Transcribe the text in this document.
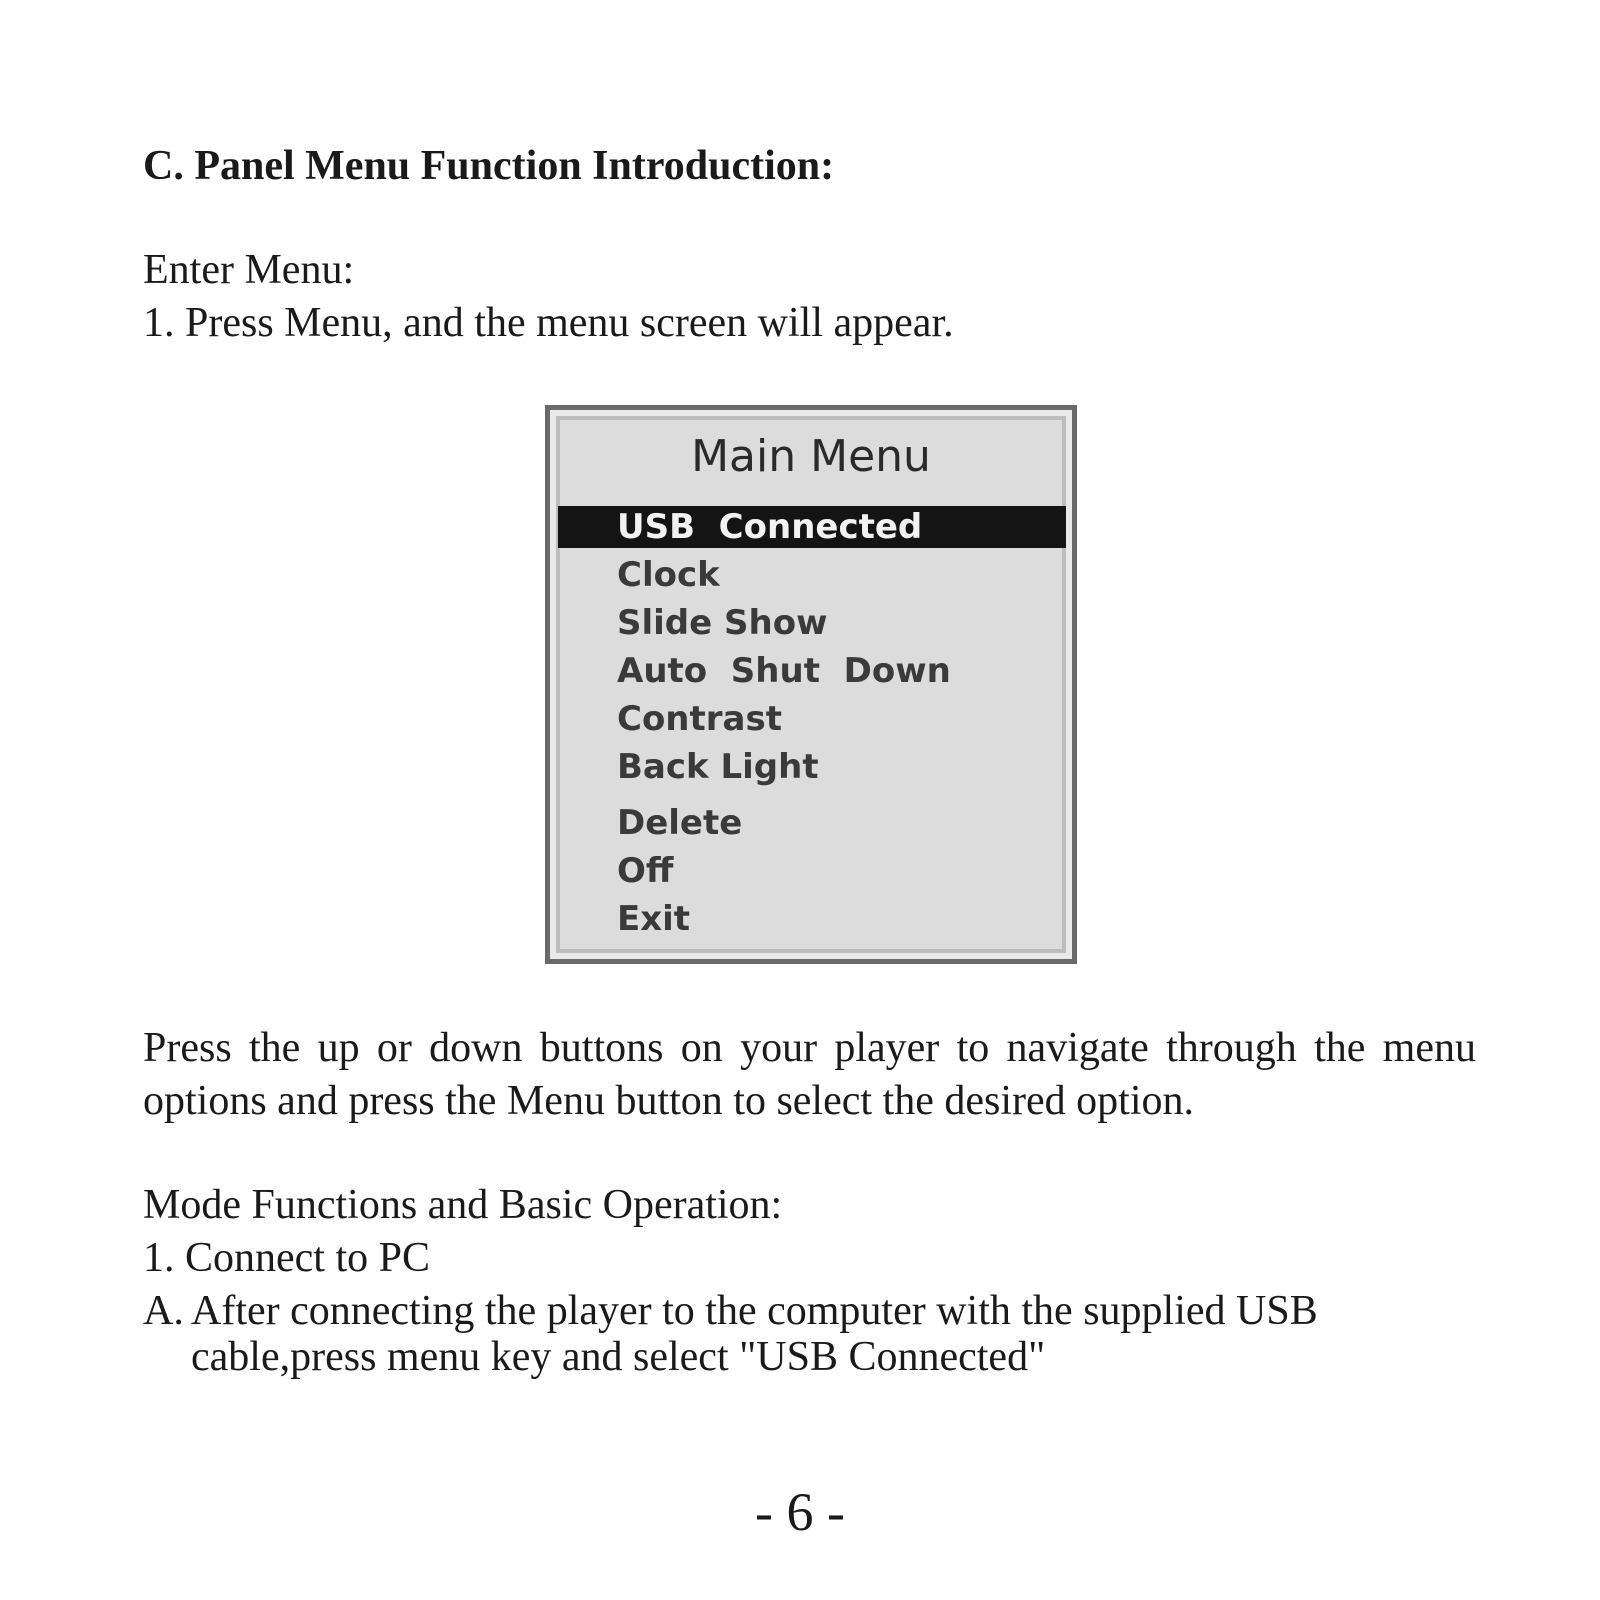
C. Panel Menu Function Introduction:
Enter Menu:
1. Press Menu, and the menu screen will appear.
Main Menu
USB  Connected
Clock
Slide Show
Auto  Shut  Down
Contrast
Back Light
Delete
Off
Exit
Press the up or down buttons on your player to navigate through the menu options and press the Menu button to select the desired option.
Mode Functions and Basic Operation:
1. Connect to PC
A. After connecting the player to the computer with the supplied USB cable,press menu key and select "USB Connected"
- 6 -
